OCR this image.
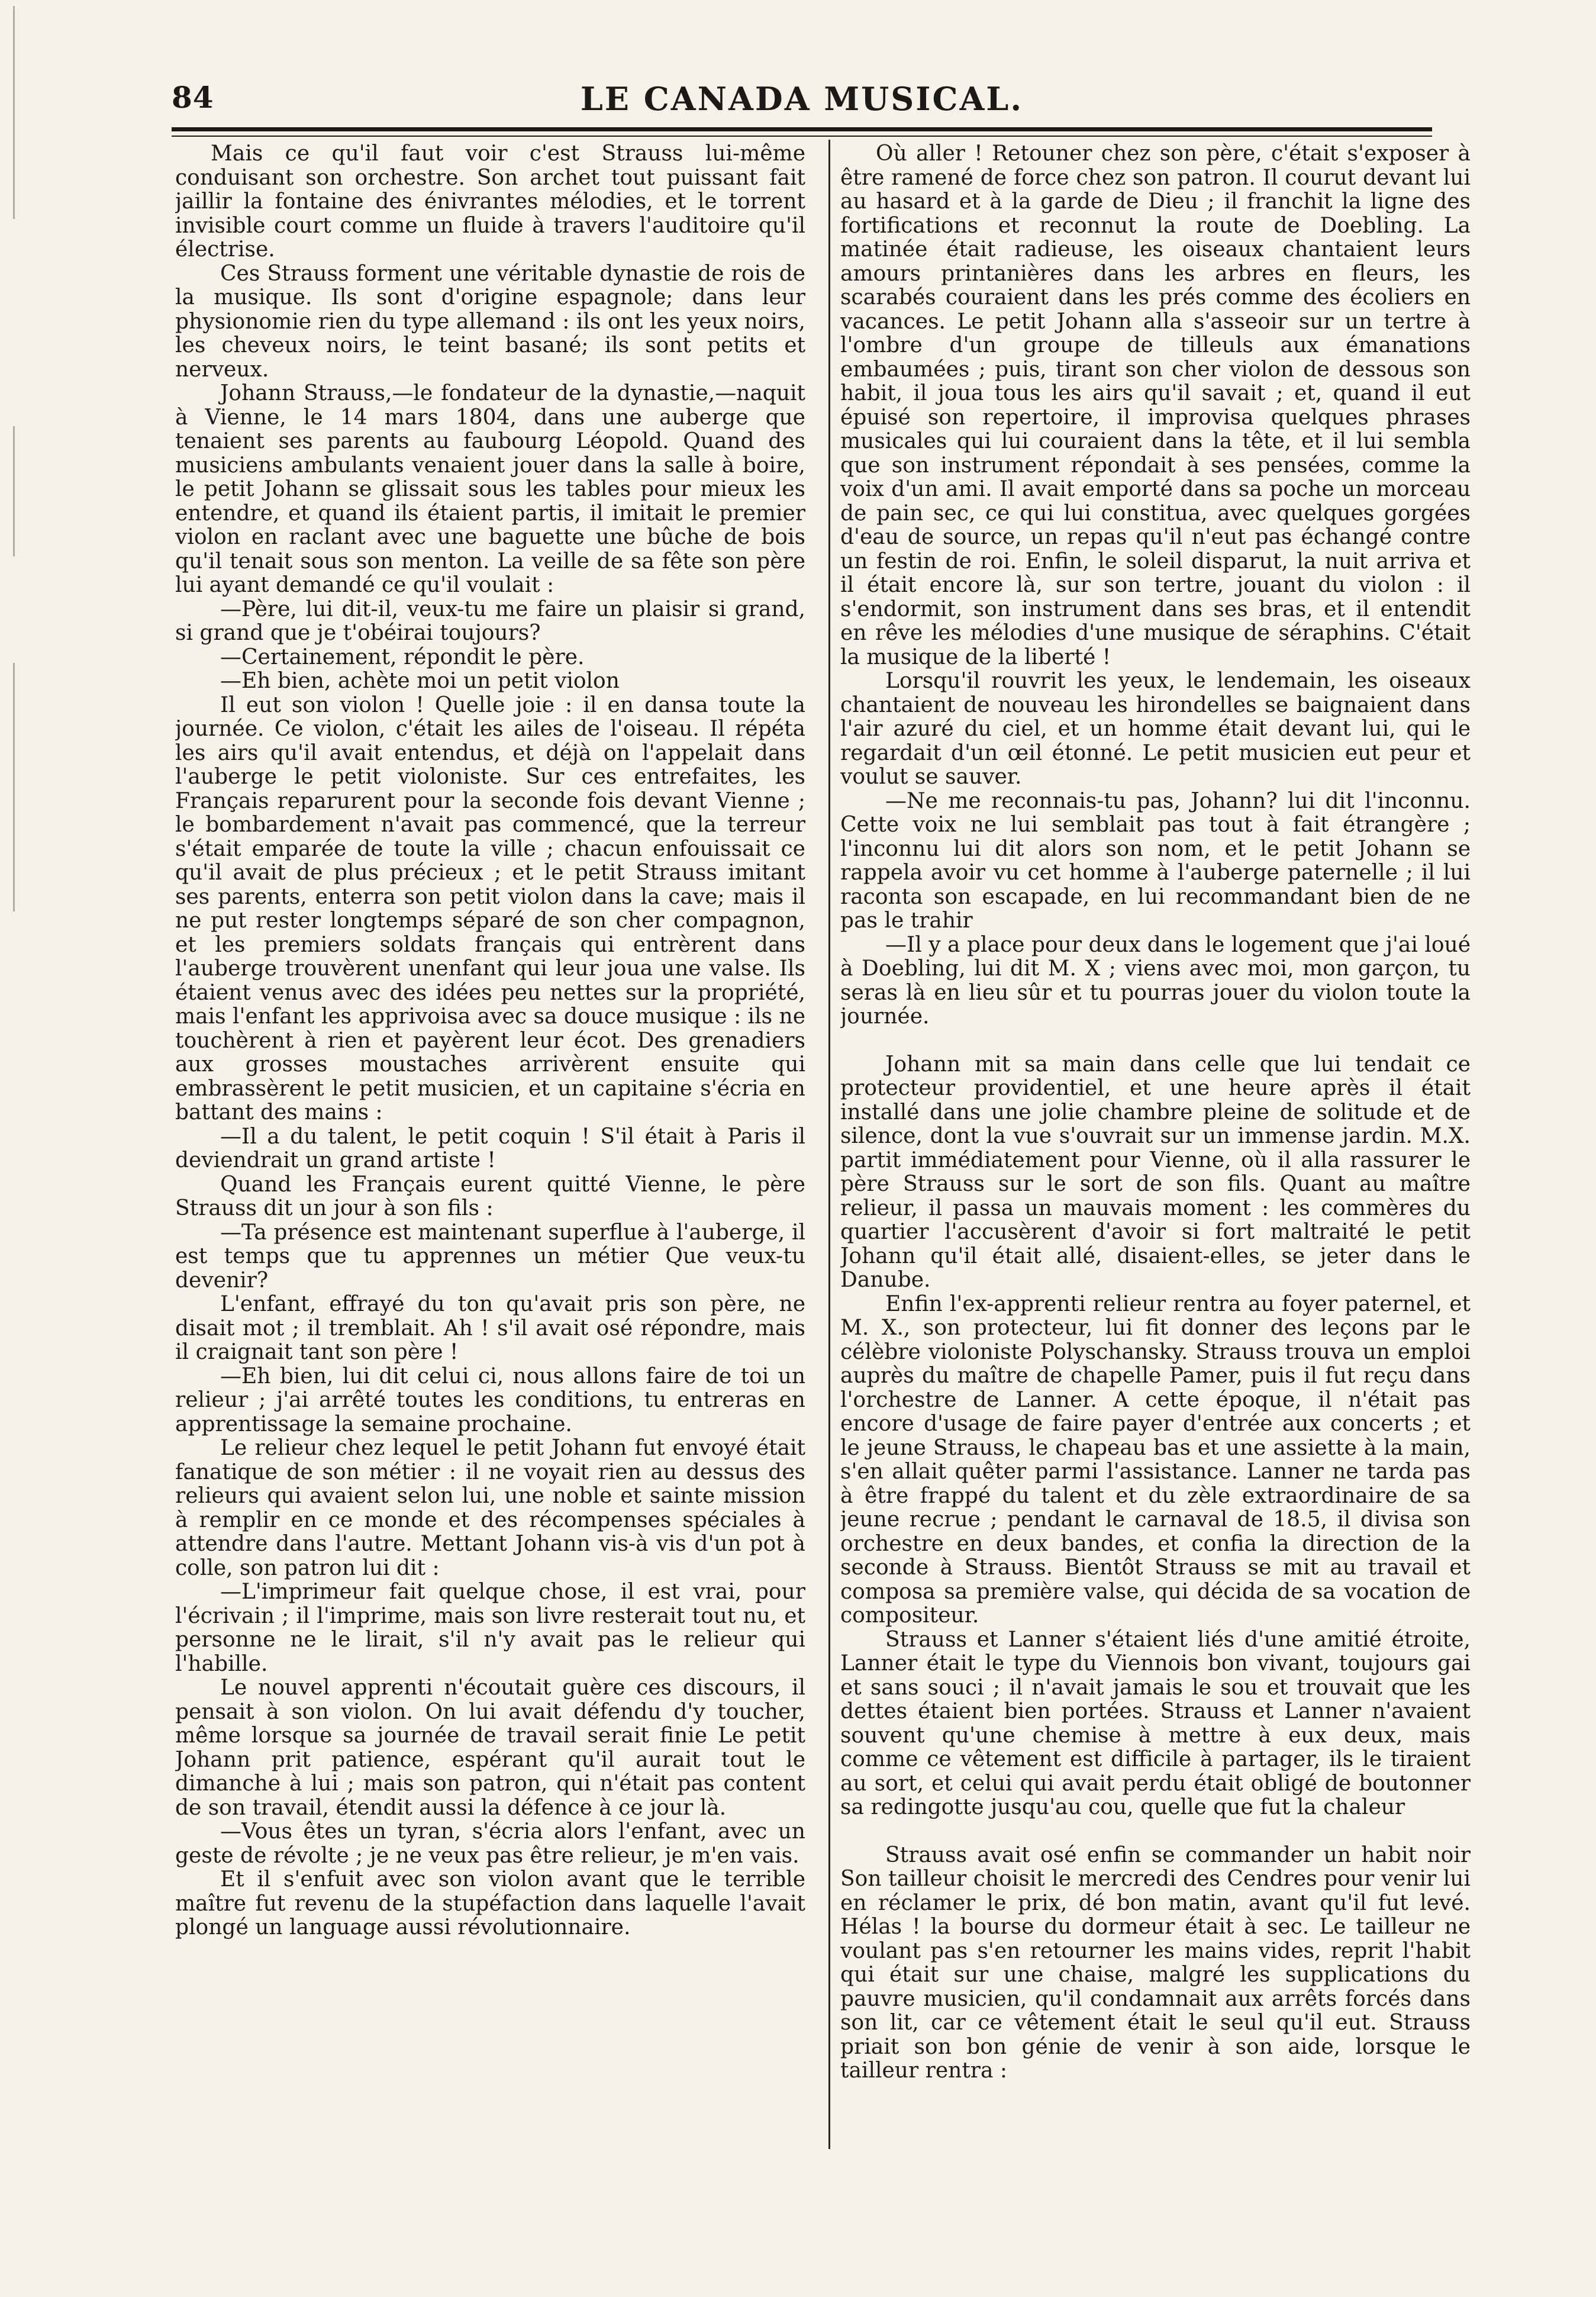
84	LE CANADA MUSICAL.

Mais ce qu'il faut voir c'est Strauss lui-même conduisant son orchestre. Son archet tout puissant fait jaillir la fontaine des énivrantes mélodies, et le torrent invisible court comme un fluide à travers l'auditoire qu'il électrise.

Ces Strauss forment une véritable dynastie de rois de la musique. Ils sont d'origine espagnole; dans leur physionomie rien du type allemand : ils ont les yeux noirs, les cheveux noirs, le teint basané; ils sont petits et nerveux.

Johann Strauss,—le fondateur de la dynastie,—naquit à Vienne, le 14 mars 1804, dans une auberge que tenaient ses parents au faubourg Léopold. Quand des musiciens ambulants venaient jouer dans la salle à boire, le petit Johann se glissait sous les tables pour mieux les entendre, et quand ils étaient partis, il imitait le premier violon en raclant avec une baguette une bûche de bois qu'il tenait sous son menton. La veille de sa fête son père lui ayant demandé ce qu'il voulait :

—Père, lui dit-il, veux-tu me faire un plaisir si grand, si grand que je t'obéirai toujours?

—Certainement, répondit le père.

—Eh bien, achète moi un petit violon

Il eut son violon ! Quelle joie : il en dansa toute la journée. Ce violon, c'était les ailes de l'oiseau. Il répéta les airs qu'il avait entendus, et déjà on l'appelait dans l'auberge le petit violoniste. Sur ces entrefaites, les Français reparurent pour la seconde fois devant Vienne ; le bombardement n'avait pas commencé, que la terreur s'était emparée de toute la ville ; chacun enfouissait ce qu'il avait de plus précieux ; et le petit Strauss imitant ses parents, enterra son petit violon dans la cave; mais il ne put rester longtemps séparé de son cher compagnon, et les premiers soldats français qui entrèrent dans l'auberge trouvèrent unenfant qui leur joua une valse. Ils étaient venus avec des idées peu nettes sur la propriété, mais l'enfant les apprivoisa avec sa douce musique : ils ne touchèrent à rien et payèrent leur écot. Des grenadiers aux grosses moustaches arrivèrent ensuite qui embrassèrent le petit musicien, et un capitaine s'écria en battant des mains :

—Il a du talent, le petit coquin ! S'il était à Paris il deviendrait un grand artiste !

Quand les Français eurent quitté Vienne, le père Strauss dit un jour à son fils :

—Ta présence est maintenant superflue à l'auberge, il est temps que tu apprennes un métier Que veux-tu devenir?

L'enfant, effrayé du ton qu'avait pris son père, ne disait mot ; il tremblait. Ah ! s'il avait osé répondre, mais il craignait tant son père !

—Eh bien, lui dit celui ci, nous allons faire de toi un relieur ; j'ai arrêté toutes les conditions, tu entreras en apprentissage la semaine prochaine.

Le relieur chez lequel le petit Johann fut envoyé était fanatique de son métier : il ne voyait rien au dessus des relieurs qui avaient selon lui, une noble et sainte mission à remplir en ce monde et des récompenses spéciales à attendre dans l'autre. Mettant Johann vis-à vis d'un pot à colle, son patron lui dit :

—L'imprimeur fait quelque chose, il est vrai, pour l'écrivain ; il l'imprime, mais son livre resterait tout nu, et personne ne le lirait, s'il n'y avait pas le relieur qui l'habille.

Le nouvel apprenti n'écoutait guère ces discours, il pensait à son violon. On lui avait défendu d'y toucher, même lorsque sa journée de travail serait finie Le petit Johann prit patience, espérant qu'il aurait tout le dimanche à lui ; mais son patron, qui n'était pas content de son travail, étendit aussi la défence à ce jour là.

—Vous êtes un tyran, s'écria alors l'enfant, avec un geste de révolte ; je ne veux pas être relieur, je m'en vais.

Et il s'enfuit avec son violon avant que le terrible maître fut revenu de la stupéfaction dans laquelle l'avait plongé un language aussi révolutionnaire.

Où aller ! Retouner chez son père, c'était s'exposer à être ramené de force chez son patron. Il courut devant lui au hasard et à la garde de Dieu ; il franchit la ligne des fortifications et reconnut la route de Doebling. La matinée était radieuse, les oiseaux chantaient leurs amours printanières dans les arbres en fleurs, les scarabés couraient dans les prés comme des écoliers en vacances. Le petit Johann alla s'asseoir sur un tertre à l'ombre d'un groupe de tilleuls aux émanations embaumées ; puis, tirant son cher violon de dessous son habit, il joua tous les airs qu'il savait ; et, quand il eut épuisé son repertoire, il improvisa quelques phrases musicales qui lui couraient dans la tête, et il lui sembla que son instrument répondait à ses pensées, comme la voix d'un ami. Il avait emporté dans sa poche un morceau de pain sec, ce qui lui constitua, avec quelques gorgées d'eau de source, un repas qu'il n'eut pas échangé contre un festin de roi. Enfin, le soleil disparut, la nuit arriva et il était encore là, sur son tertre, jouant du violon : il s'endormit, son instrument dans ses bras, et il entendit en rêve les mélodies d'une musique de séraphins. C'était la musique de la liberté !

Lorsqu'il rouvrit les yeux, le lendemain, les oiseaux chantaient de nouveau les hirondelles se baignaient dans l'air azuré du ciel, et un homme était devant lui, qui le regardait d'un œil étonné. Le petit musicien eut peur et voulut se sauver.

—Ne me reconnais-tu pas, Johann? lui dit l'inconnu. Cette voix ne lui semblait pas tout à fait étrangère ; l'inconnu lui dit alors son nom, et le petit Johann se rappela avoir vu cet homme à l'auberge paternelle ; il lui raconta son escapade, en lui recommandant bien de ne pas le trahir

—Il y a place pour deux dans le logement que j'ai loué à Doebling, lui dit M. X ; viens avec moi, mon garçon, tu seras là en lieu sûr et tu pourras jouer du violon toute la journée.

Johann mit sa main dans celle que lui tendait ce protecteur providentiel, et une heure après il était installé dans une jolie chambre pleine de solitude et de silence, dont la vue s'ouvrait sur un immense jardin. M.X. partit immédiatement pour Vienne, où il alla rassurer le père Strauss sur le sort de son fils. Quant au maître relieur, il passa un mauvais moment : les commères du quartier l'accusèrent d'avoir si fort maltraité le petit Johann qu'il était allé, disaient-elles, se jeter dans le Danube.

Enfin l'ex-apprenti relieur rentra au foyer paternel, et M. X., son protecteur, lui fit donner des leçons par le célèbre violoniste Polyschansky. Strauss trouva un emploi auprès du maître de chapelle Pamer, puis il fut reçu dans l'orchestre de Lanner. A cette époque, il n'était pas encore d'usage de faire payer d'entrée aux concerts ; et le jeune Strauss, le chapeau bas et une assiette à la main, s'en allait quêter parmi l'assistance. Lanner ne tarda pas à être frappé du talent et du zèle extraordinaire de sa jeune recrue ; pendant le carnaval de 18.5, il divisa son orchestre en deux bandes, et confia la direction de la seconde à Strauss. Bientôt Strauss se mit au travail et composa sa première valse, qui décida de sa vocation de compositeur.

Strauss et Lanner s'étaient liés d'une amitié étroite, Lanner était le type du Viennois bon vivant, toujours gai et sans souci ; il n'avait jamais le sou et trouvait que les dettes étaient bien portées. Strauss et Lanner n'avaient souvent qu'une chemise à mettre à eux deux, mais comme ce vêtement est difficile à partager, ils le tiraient au sort, et celui qui avait perdu était obligé de boutonner sa redingotte jusqu'au cou, quelle que fut la chaleur

Strauss avait osé enfin se commander un habit noir Son tailleur choisit le mercredi des Cendres pour venir lui en réclamer le prix, dé bon matin, avant qu'il fut levé. Hélas ! la bourse du dormeur était à sec. Le tailleur ne voulant pas s'en retourner les mains vides, reprit l'habit qui était sur une chaise, malgré les supplications du pauvre musicien, qu'il condamnait aux arrêts forcés dans son lit, car ce vêtement était le seul qu'il eut. Strauss priait son bon génie de venir à son aide, lorsque le tailleur rentra :
